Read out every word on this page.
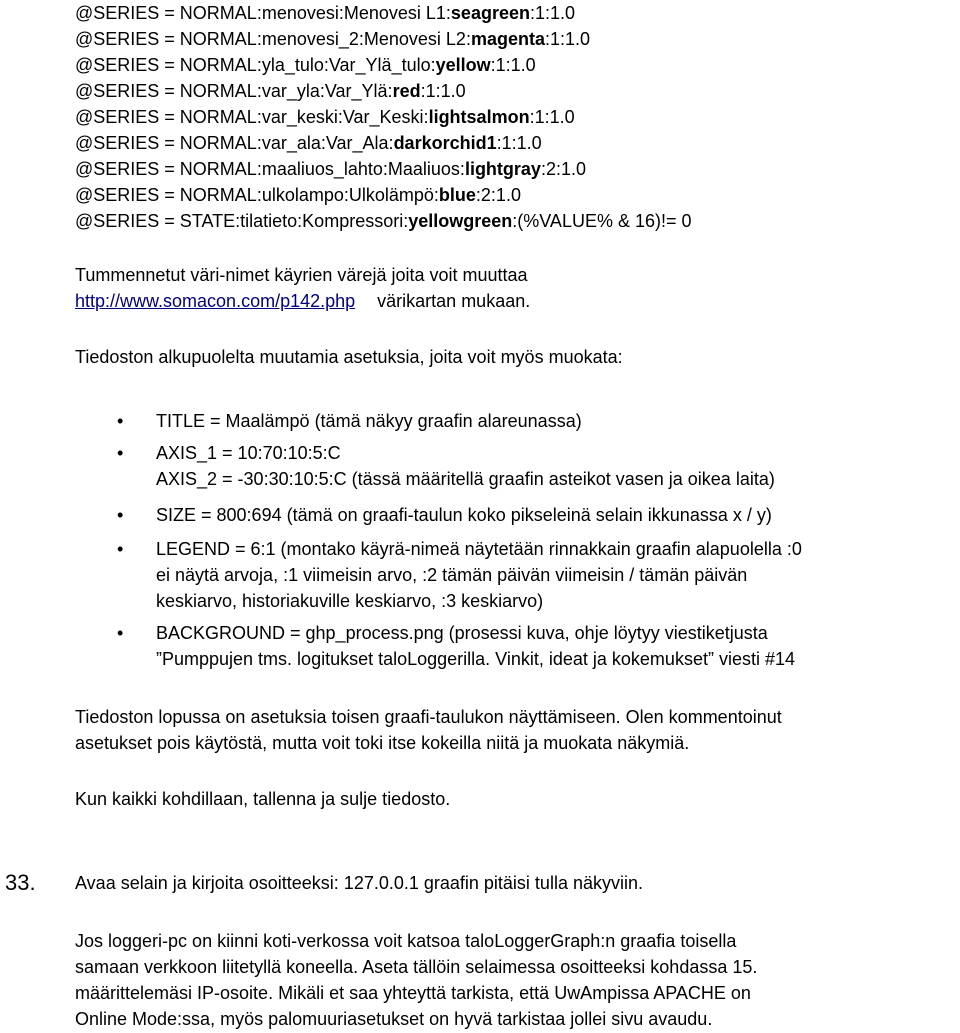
@SERIES = NORMAL:menovesi:Menovesi L1:seagreen:1:1.0
@SERIES = NORMAL:menovesi_2:Menovesi L2:magenta:1:1.0
@SERIES = NORMAL:yla_tulo:Var_Ylä_tulo:yellow:1:1.0
@SERIES = NORMAL:var_yla:Var_Ylä:red:1:1.0
@SERIES = NORMAL:var_keski:Var_Keski:lightsalmon:1:1.0
@SERIES = NORMAL:var_ala:Var_Ala:darkorchid1:1:1.0
@SERIES = NORMAL:maaliuos_lahto:Maaliuos:lightgray:2:1.0
@SERIES = NORMAL:ulkolampo:Ulkolämpö:blue:2:1.0
@SERIES = STATE:tilatieto:Kompressori:yellowgreen:(%VALUE% & 16)!= 0
Tummennetut väri-nimet käyrien värejä joita voit muuttaa
http://www.somacon.com/p142.php värikartan mukaan.
Tiedoston alkupuolelta muutamia asetuksia, joita voit myös muokata:
• TITLE = Maalämpö (tämä näkyy graafin alareunassa)
• AXIS_1 = 10:70:10:5:C
AXIS_2 = -30:30:10:5:C (tässä määritellä graafin asteikot vasen ja oikea laita)
• SIZE = 800:694 (tämä on graafi-taulun koko pikseleinä selain ikkunassa x / y)
• LEGEND = 6:1 (montako käyrä-nimeä näytetään rinnakkain graafin alapuolella :0
ei näytä arvoja, :1 viimeisin arvo, :2 tämän päivän viimeisin / tämän päivän
keskiarvo, historiakuville keskiarvo, :3 keskiarvo)
• BACKGROUND = ghp_process.png (prosessi kuva, ohje löytyy viestiketjusta
”Pumppujen tms. logitukset taloLoggerilla. Vinkit, ideat ja kokemukset” viesti #14
Tiedoston lopussa on asetuksia toisen graafi-taulukon näyttämiseen. Olen kommentoinut
asetukset pois käytöstä, mutta voit toki itse kokeilla niitä ja muokata näkymiä.
Kun kaikki kohdillaan, tallenna ja sulje tiedosto.
33. Avaa selain ja kirjoita osoitteeksi: 127.0.0.1 graafin pitäisi tulla näkyviin.
Jos loggeri-pc on kiinni koti-verkossa voit katsoa taloLoggerGraph:n graafia toisella
samaan verkkoon liitetyllä koneella. Aseta tällöin selaimessa osoitteeksi kohdassa 15.
määrittelemäsi IP-osoite. Mikäli et saa yhteyttä tarkista, että UwAmpissa APACHE on
Online Mode:ssa, myös palomuuriasetukset on hyvä tarkistaa jollei sivu avaudu.
